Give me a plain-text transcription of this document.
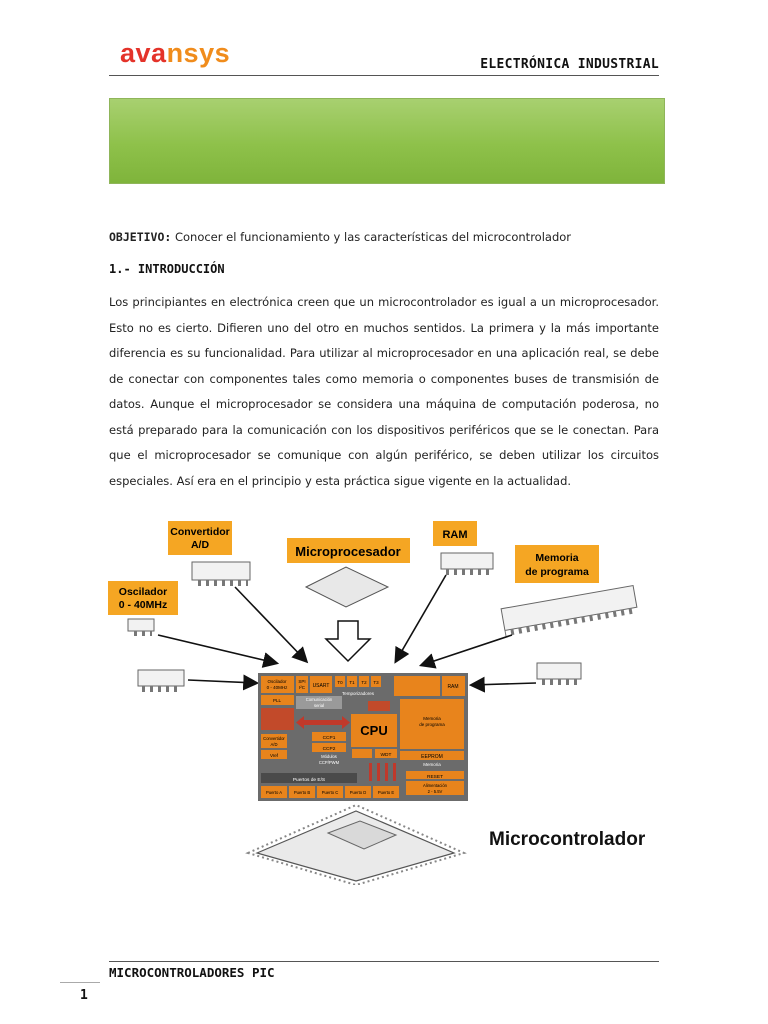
avansys	ELECTRÓNICA INDUSTRIAL
OBJETIVO: Conocer el funcionamiento y las características del microcontrolador
1.- INTRODUCCIÓN
Los principiantes en electrónica creen que un microcontrolador es igual a un microprocesador. Esto no es cierto. Difieren uno del otro en muchos sentidos. La primera y la más importante diferencia es su funcionalidad. Para utilizar al microprocesador en una aplicación real, se debe de conectar con componentes tales como memoria o componentes buses de transmisión de datos. Aunque el microprocesador se considera una máquina de computación poderosa, no está preparado para la comunicación con los dispositivos periféricos que se le conectan. Para que el microprocesador se comunique con algún periférico, se deben utilizar los circuitos especiales. Así era en el principio y esta práctica sigue vigente en la actualidad.
Convertidor
A/D	Microprocesador
RAM
Memoria
de programa
Oscilador
0 - 40MHz
Oscilador
0 - 40MHz
SPI
I²C USART
T0 T1 T2 T3
Temporizadores
RAM
PLL	Comunicación
serial
CPU
Memoria
de programa
EEPROM
Memoria
Convertidor
A/D
Vref
CCP1
CCP2
Módulos
CCP/PWM
WDT
Puertos de E/S
RESET
Alimentación
2 - 5.5V
Puerto A	Puerto B	Puerto C	Puerto D	Puerto E
Microcontrolador
MICROCONTROLADORES PIC
1
